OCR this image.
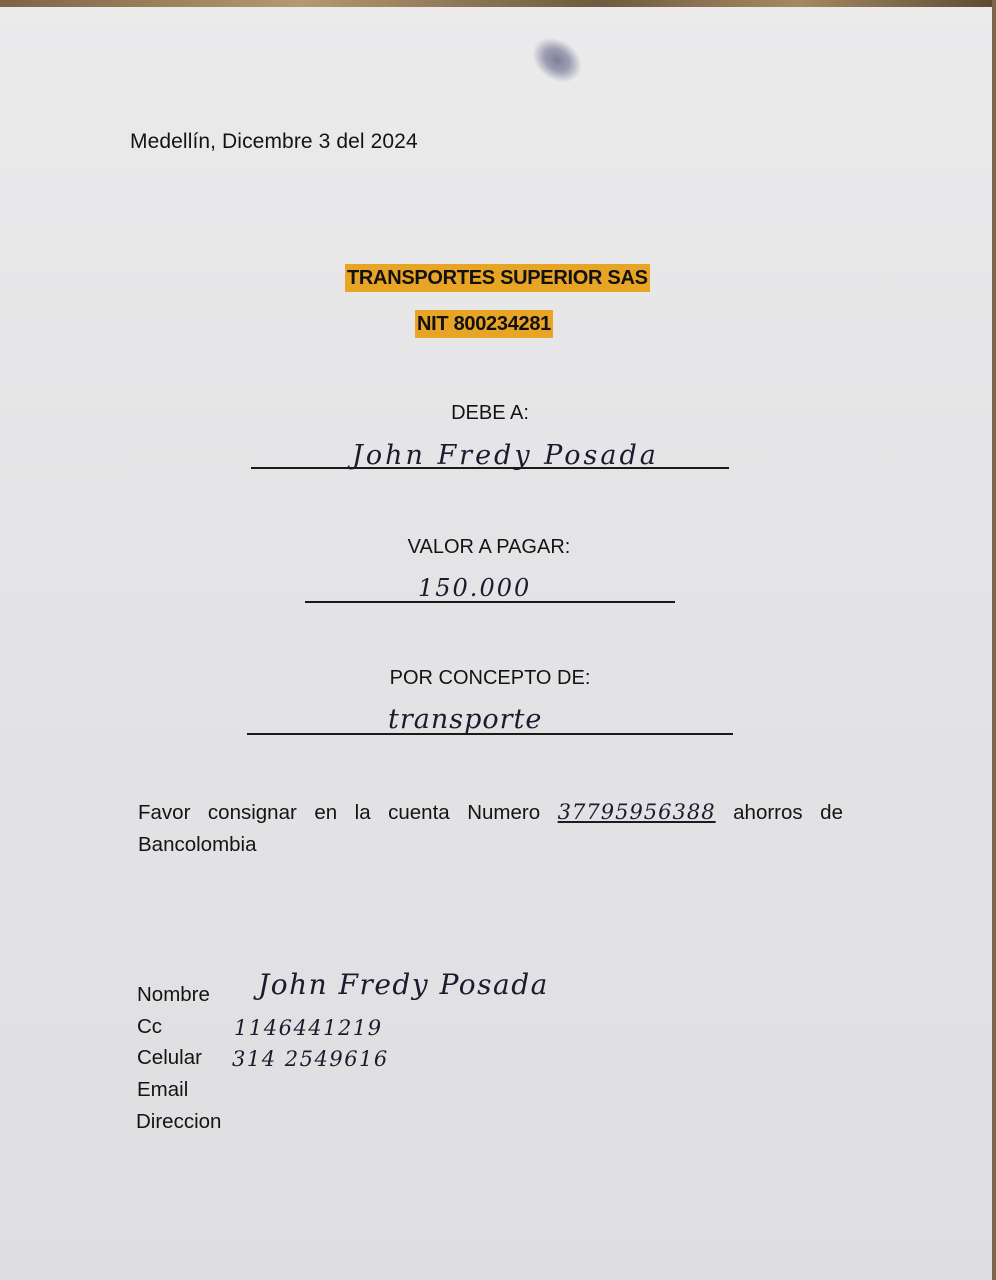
Medellín, Dicembre 3 del 2024
TRANSPORTES SUPERIOR SAS
NIT 800234281
DEBE A:
John Fredy Posada
VALOR A PAGAR:
150.000
POR CONCEPTO DE:
transporte
Favor consignar en la cuenta Numero 37795956388 ahorros de Bancolombia
Nombre John Fredy Posada
Cc	1146441219
Celular 314 2549616
Email
Direccion
